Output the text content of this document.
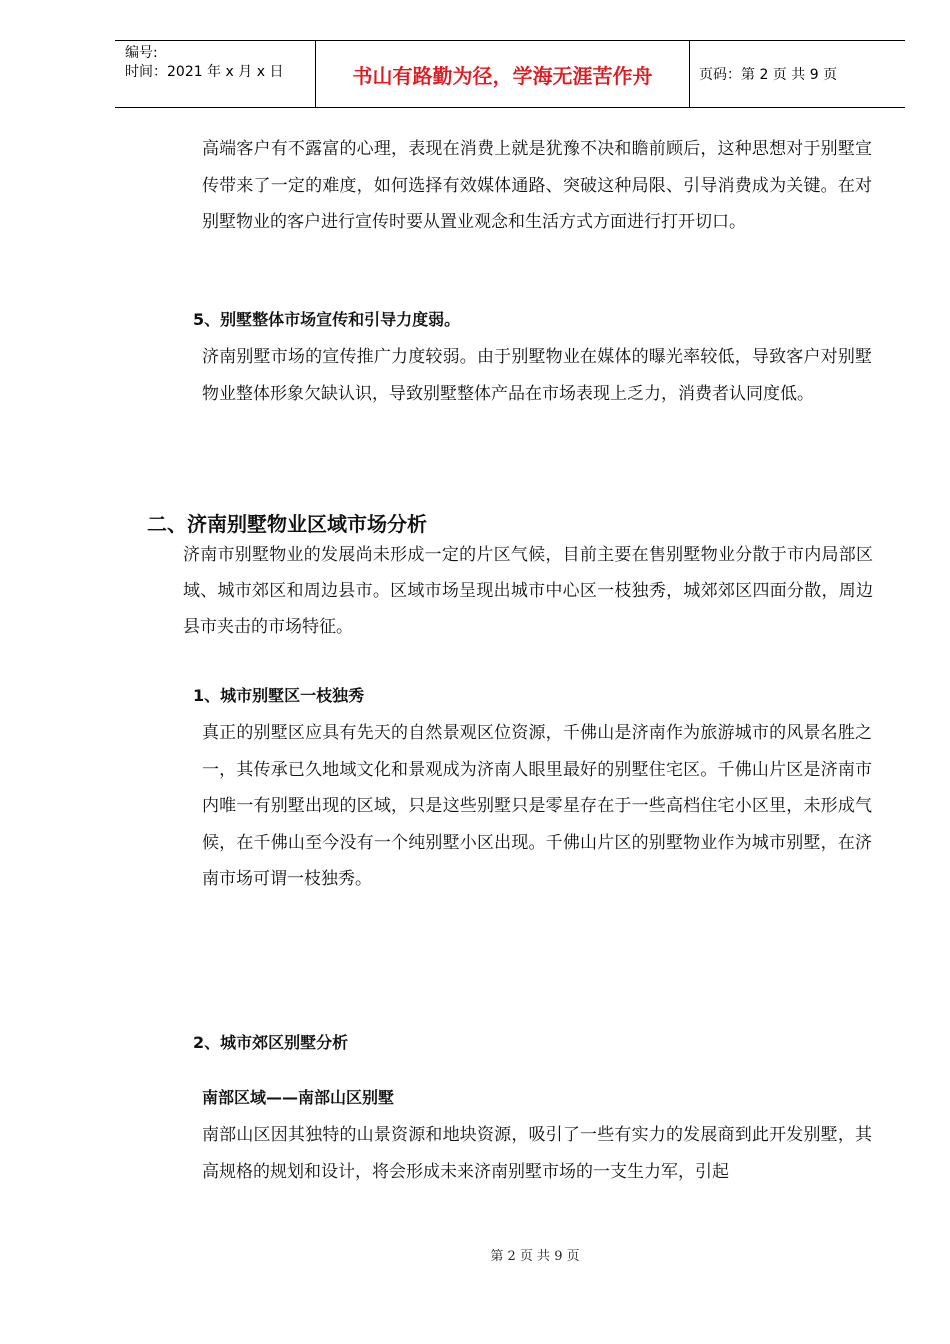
编号:
时间：2021 年 x 月 x 日	书山有路勤为径，学海无涯苦作舟	页码：第 2 页 共 9 页

高端客户有不露富的心理，表现在消费上就是犹豫不决和瞻前顾后，这种思想对于别墅宣传带来了一定的难度，如何选择有效媒体通路、突破这种局限、引导消费成为关键。在对别墅物业的客户进行宣传时要从置业观念和生活方式方面进行打开切口。

5、别墅整体市场宣传和引导力度弱。

济南别墅市场的宣传推广力度较弱。由于别墅物业在媒体的曝光率较低，导致客户对别墅物业整体形象欠缺认识，导致别墅整体产品在市场表现上乏力，消费者认同度低。

二、济南别墅物业区域市场分析

济南市别墅物业的发展尚未形成一定的片区气候，目前主要在售别墅物业分散于市内局部区域、城市郊区和周边县市。区域市场呈现出城市中心区一枝独秀，城郊郊区四面分散，周边县市夹击的市场特征。

1、城市别墅区一枝独秀

真正的别墅区应具有先天的自然景观区位资源，千佛山是济南作为旅游城市的风景名胜之一，其传承已久地域文化和景观成为济南人眼里最好的别墅住宅区。千佛山片区是济南市内唯一有别墅出现的区域，只是这些别墅只是零星存在于一些高档住宅小区里，未形成气候，在千佛山至今没有一个纯别墅小区出现。千佛山片区的别墅物业作为城市别墅，在济南市场可谓一枝独秀。

2、城市郊区别墅分析
南部区域——南部山区别墅

南部山区因其独特的山景资源和地块资源，吸引了一些有实力的发展商到此开发别墅，其高规格的规划和设计，将会形成未来济南别墅市场的一支生力军，引起

第 2 页 共 9 页
